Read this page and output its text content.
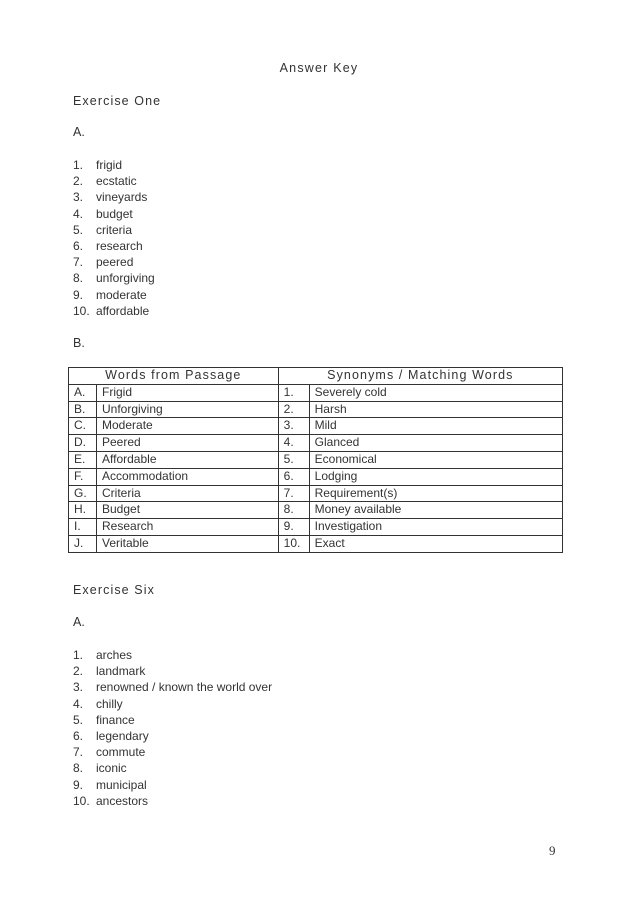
Answer Key
Exercise One
A.
1.	frigid
2.	ecstatic
3.	vineyards
4.	budget
5.	criteria
6.	research
7.	peered
8.	unforgiving
9.	moderate
10. affordable
B.
Words from Passage		Synonyms / Matching Words	
A.	Frigid	1.	Severely cold
B.	Unforgiving	2.	Harsh
C.	Moderate	3.	Mild
D.	Peered	4.	Glanced
E.	Affordable	5.	Economical
F.	Accommodation	6.	Lodging
G.	Criteria	7.	Requirement(s)
H.	Budget	8.	Money available
I.	Research	9.	Investigation
J.	Veritable	10.	Exact
Exercise Six
A.
1.	arches
2.	landmark
3.	renowned / known the world over
4.	chilly
5.	finance
6.	legendary
7.	commute
8.	iconic
9.	municipal
10. ancestors
9
